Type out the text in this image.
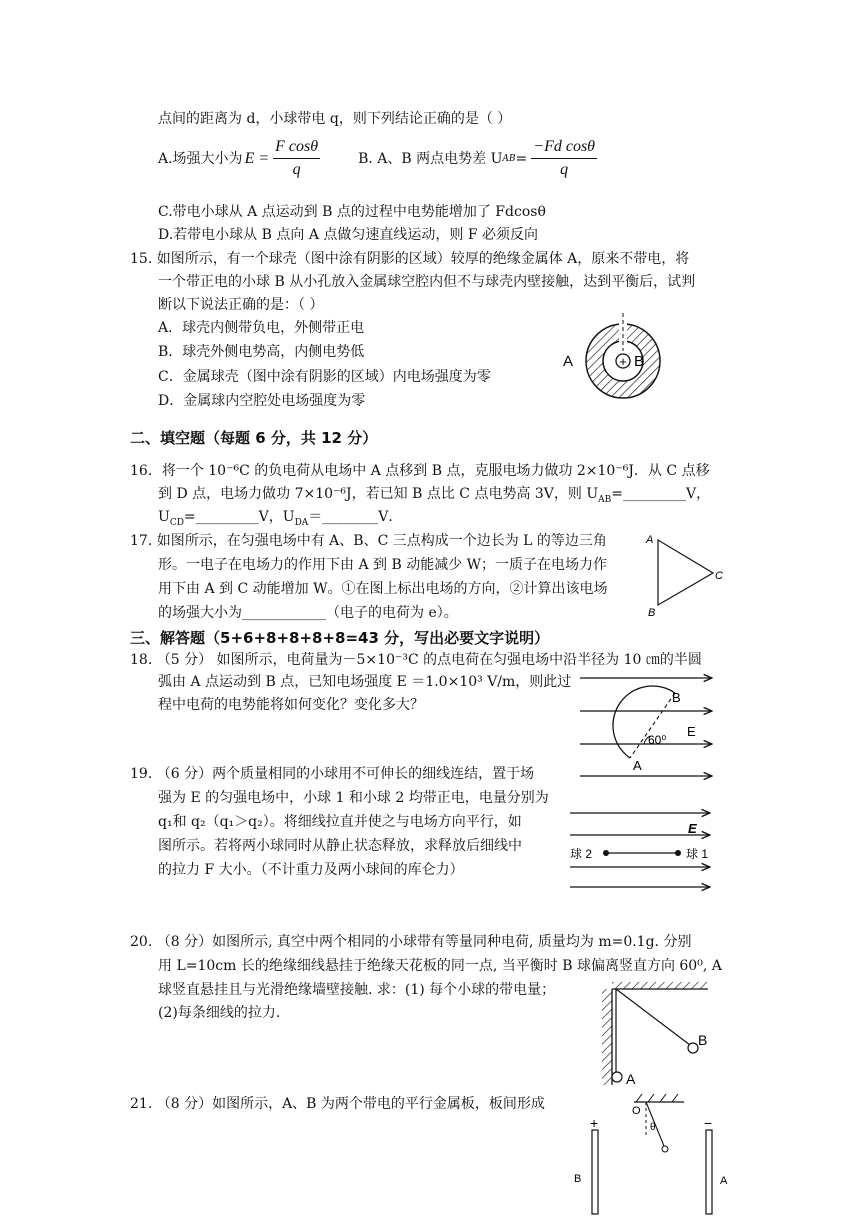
点间的距离为 d，小球带电 q，则下列结论正确的是（ ）
A.场强大小为 $E = \frac{\text{F cosθ}}{q}$	B. A、B 两点电势差 U AB = $\frac{\text{−Fd cosθ}}{q}$
C.带电小球从 A 点运动到 B 点的过程中电势能增加了 Fdcosθ
D.若带电小球从 B 点向 A 点做匀速直线运动，则 F 必须反向
15. 如图所示，有一个球壳（图中涂有阴影的区域）较厚的绝缘金属体 A，原来不带电，将
一个带正电的小球 B 从小孔放入金属球空腔内但不与球壳内壁接触，达到平衡后，试判
断以下说法正确的是：（ ）
A．球壳内侧带负电，外侧带正电
B．球壳外侧电势高，内侧电势低
C．金属球壳（图中涂有阴影的区域）内电场强度为零
D．金属球内空腔处电场强度为零
+ B
A
二、填空题（每题 6 分，共 12 分）
16．将一个 10⁻⁶C 的负电荷从电场中 A 点移到 B 点，克服电场力做功 2×10⁻⁶J．从 C 点移
到 D 点，电场力做功 7×10⁻⁶J，若已知 B 点比 C 点电势高 3V，则 $U_{AB}=\_\_\_\_\_\_\_\_\_V$，
$U_{CD}=\_\_\_\_\_\_\_\_\_V$，$U_{DA}=\_\_\_\_\_\_\_\_V$．
17. 如图所示，在匀强电场中有 A、B、C 三点构成一个边长为 L 的等边三角
形。一电子在电场力的作用下由 A 到 B 动能减少 W；一质子在电场力作
用下由 A 到 C 动能增加 W。①在图上标出电场的方向，②计算出该电场
的场强大小为____________（电子的电荷为 e）。
A
B
C
三、解答题（5+6+8+8+8+8=43 分，写出必要文字说明）
18. （5 分） 如图所示，电荷量为－5×10⁻³C 的点电荷在匀强电场中沿半径为 10 ㎝的半圆
弧由 A 点运动到 B 点，已知电场强度 E ＝1.0×10³ V/m，则此过
程中电荷的电势能将如何变化？变化多大？	B
A
60⁰
E
19. （6 分）两个质量相同的小球用不可伸长的细线连结，置于场
强为 E 的匀强电场中，小球 1 和小球 2 均带正电，电量分别为
q₁和 q₂（q₁＞q₂）。将细线拉直并使之与电场方向平行，如
图所示。若将两小球同时从静止状态释放，求释放后细线中
的拉力 F 大小。（不计重力及两小球间的库仑力）
球 2	球 1
E
20. （8 分）如图所示, 真空中两个相同的小球带有等量同种电荷, 质量均为 m=0.1g. 分别
用 L=10cm 长的绝缘细线悬挂于绝缘天花板的同一点, 当平衡时 B 球偏离竖直方向 60⁰, A
球竖直悬挂且与光滑绝缘墙壁接触. 求：(1) 每个小球的带电量；
(2)每条细线的拉力.
A
B
21. （8 分）如图所示，A、B 为两个带电的平行金属板，板间形成	O
θ
+	−
B	A
